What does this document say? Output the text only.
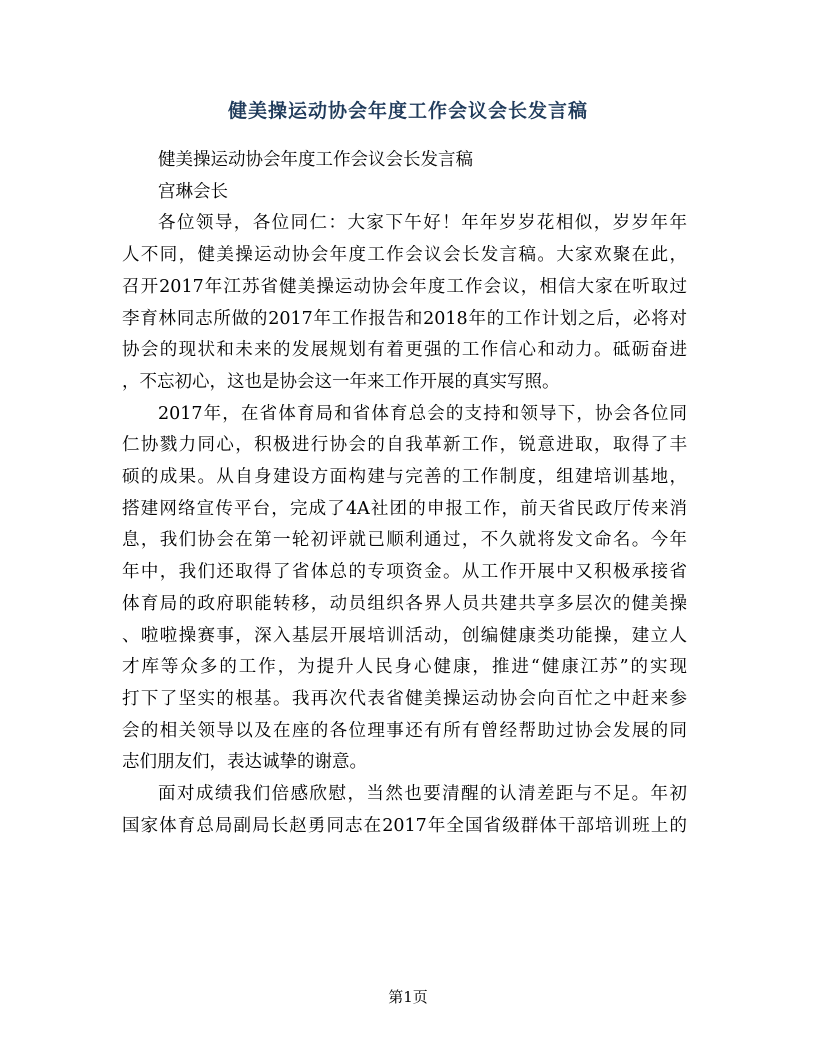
健美操运动协会年度工作会议会长发言稿
健美操运动协会年度工作会议会长发言稿
宫琳会长
各位领导，各位同仁：大家下午好！年年岁岁花相似，岁岁年年
人不同，健美操运动协会年度工作会议会长发言稿。大家欢聚在此，
召开2017年江苏省健美操运动协会年度工作会议，相信大家在听取过
李育林同志所做的2017年工作报告和2018年的工作计划之后，必将对
协会的现状和未来的发展规划有着更强的工作信心和动力。砥砺奋进
，不忘初心，这也是协会这一年来工作开展的真实写照。
2017年，在省体育局和省体育总会的支持和领导下，协会各位同
仁协戮力同心，积极进行协会的自我革新工作，锐意进取，取得了丰
硕的成果。从自身建设方面构建与完善的工作制度，组建培训基地，
搭建网络宣传平台，完成了4A社团的申报工作，前天省民政厅传来消
息，我们协会在第一轮初评就已顺利通过，不久就将发文命名。今年
年中，我们还取得了省体总的专项资金。从工作开展中又积极承接省
体育局的政府职能转移，动员组织各界人员共建共享多层次的健美操
、啦啦操赛事，深入基层开展培训活动，创编健康类功能操，建立人
才库等众多的工作，为提升人民身心健康，推进“健康江苏”的实现
打下了坚实的根基。我再次代表省健美操运动协会向百忙之中赶来参
会的相关领导以及在座的各位理事还有所有曾经帮助过协会发展的同
志们朋友们，表达诚挚的谢意。
面对成绩我们倍感欣慰，当然也要清醒的认清差距与不足。年初
国家体育总局副局长赵勇同志在2017年全国省级群体干部培训班上的
第1页
